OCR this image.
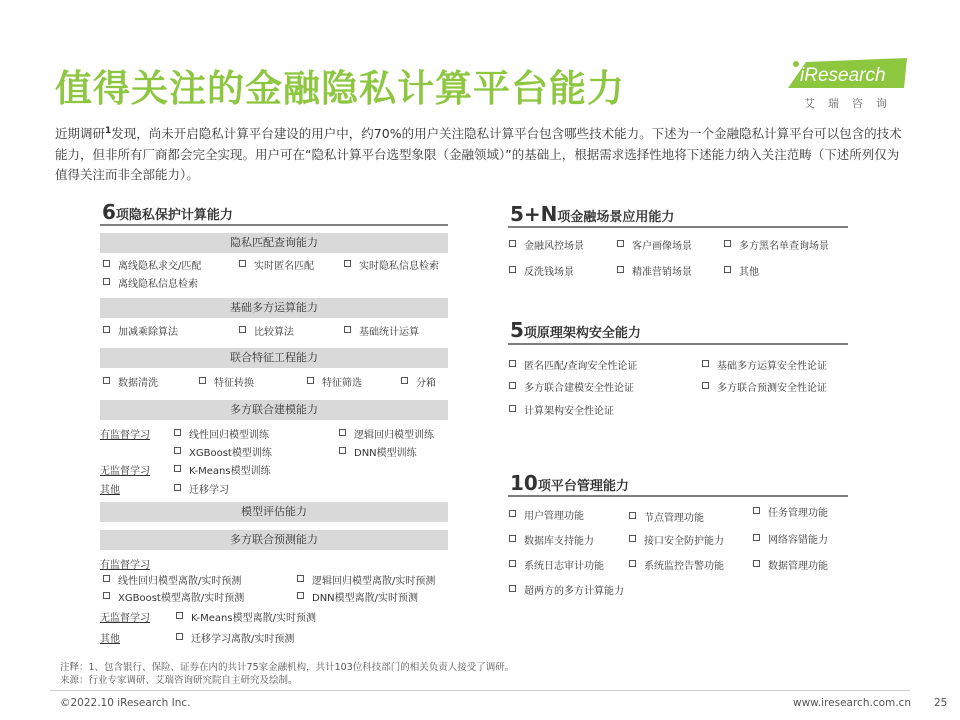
值得关注的金融隐私计算平台能力	iResearch
艾瑞咨询
近期调研$^1$发现，尚未开启隐私计算平台建设的用户中，约70%的用户关注隐私计算平台包含哪些技术能力。下述为一个金融隐私计算平台可以包含的技术能力，但非所有厂商都会完全实现。用户可在“隐私计算平台选型象限（金融领域）”的基础上，根据需求选择性地将下述能力纳入关注范畴（下述所列仅为值得关注而非全部能力）。
6项隐私保护计算能力
隐私匹配查询能力
离线隐私求交/匹配	实时匿名匹配	实时隐私信息检索
离线隐私信息检索
基础多方运算能力
加减乘除算法	比较算法	基础统计运算
联合特征工程能力
数据清洗	特征转换	特征筛选	分箱
多方联合建模能力
有监督学习	线性回归模型训练	逻辑回归模型训练
XGBoost模型训练	DNN模型训练
无监督学习	K-Means模型训练
其他	迁移学习
模型评估能力
多方联合预测能力
有监督学习
线性回归模型离散/实时预测	逻辑回归模型离散/实时预测
XGBoost模型离散/实时预测	DNN模型离散/实时预测
无监督学习	K-Means模型离散/实时预测
其他	迁移学习离散/实时预测
5+N项金融场景应用能力
金融风控场景	客户画像场景	多方黑名单查询场景
反洗钱场景	精准营销场景	其他
5项原理架构安全能力
匿名匹配/查询安全性论证	基础多方运算安全性论证
多方联合建模安全性论证	多方联合预测安全性论证
计算架构安全性论证
10项平台管理能力
用户管理功能	节点管理功能	任务管理功能
数据库支持能力	接口安全防护能力	网络容错能力
系统日志审计功能	系统监控告警功能	数据管理功能
超两方的多方计算能力
注释：1、包含银行、保险、证券在内的共计75家金融机构，共计103位科技部门的相关负责人接受了调研。
来源：行业专家调研、艾瑞咨询研究院自主研究及绘制。
©2022.10 iResearch Inc.	www.iresearch.com.cn 25
